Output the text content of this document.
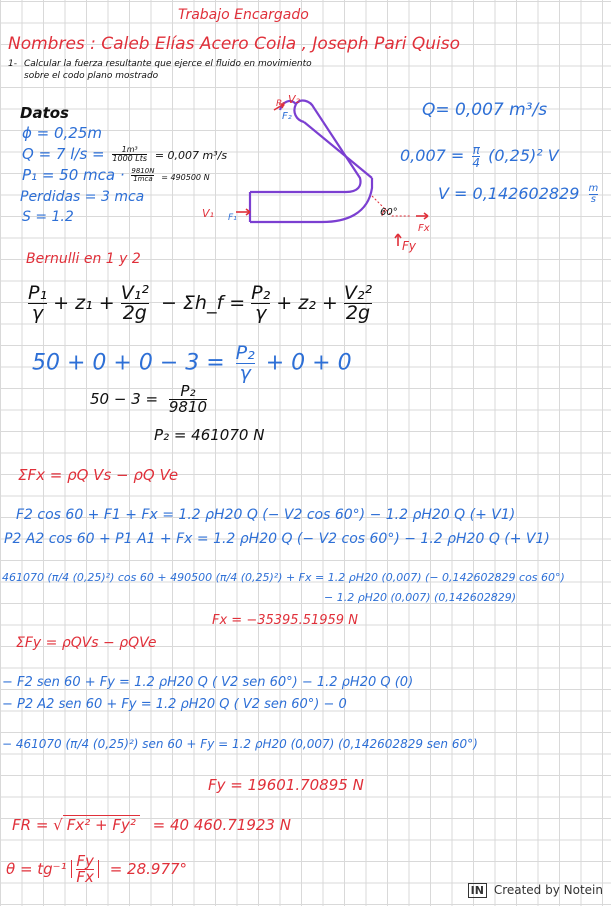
Trabajo Encargado
Nombres : Caleb Elías Acero Coila , Joseph Pari Quiso
1- Calcular la fuerza resultante que ejerce el fluido en movimiento
sobre el codo plano mostrado
Datos
ϕ = 0,25m
Q = 7 $l/s = \frac{\text{1m³}}{\text{1000 Lts}} = 0,007$ m³/s
P₁ = 50 mca · $\frac{9810N}{\text{1mca}} = 490500$ N
Perdidas = 3 mca
S = 1.2
F₂
P₂ V₂
V₁ F₁	60°
Fx
Fy
Q= 0,007 m³/s
$0,007 = \frac{\pi}{4} (0,25)^2$ V
$V = 0,142602829 \frac{m}{s}$
Bernulli en 1 y 2
$\frac{\text{P₁}}{\gamma} + z_1 + \frac{\text{V₁²}}{2g}$ − Σh_f = $\frac{\text{P₂}}{\gamma} + z_2 + \frac{\text{V₂²}}{2g}$
$50 + 0 + 0 - 3 = \frac{\text{P₂}}{\gamma} + 0 + 0$
$50 - 3 = \frac{\text{P₂}}{9810}$
P₂ = 461070 N
ΣFx = ρQ Vs − ρQ Ve
F2 cos 60 + F1 + Fx = 1.2 ρH20 Q (− V2 cos 60°) − 1.2 ρH20 Q (+ V1)
P2 A2 cos 60 + P1 A1 + Fx = 1.2 ρH20 Q (− V2 cos 60°) − 1.2 ρH20 Q (+ V1)
461070 (π/4 (0,25)²) cos 60 + 490500 (π/4 (0,25)²) + Fx = 1.2 ρH20 (0,007) (− 0,142602829 cos 60°)
− 1.2 ρH20 (0,007) (0,142602829)
Fx = −35395.51959 N
ΣFy = ρQVs − ρQVe
− F2 sen 60 + Fy = 1.2 ρH20 Q ( V2 sen 60°) − 1.2 ρH20 Q (0)
− P2 A2 sen 60 + Fy = 1.2 ρH20 Q ( V2 sen 60°) − 0
− 461070 (π/4 (0,25)²) sen 60 + Fy = 1.2 ρH20 (0,007) (0,142602829 sen 60°)
Fy = 19601.70895 N
FR = √ Fx² + Fy² = 40 460.71923 N
$\theta = tg^{-1} \frac{Fy}{Fx} = 28.977^\circ$
IN Created by Notein
